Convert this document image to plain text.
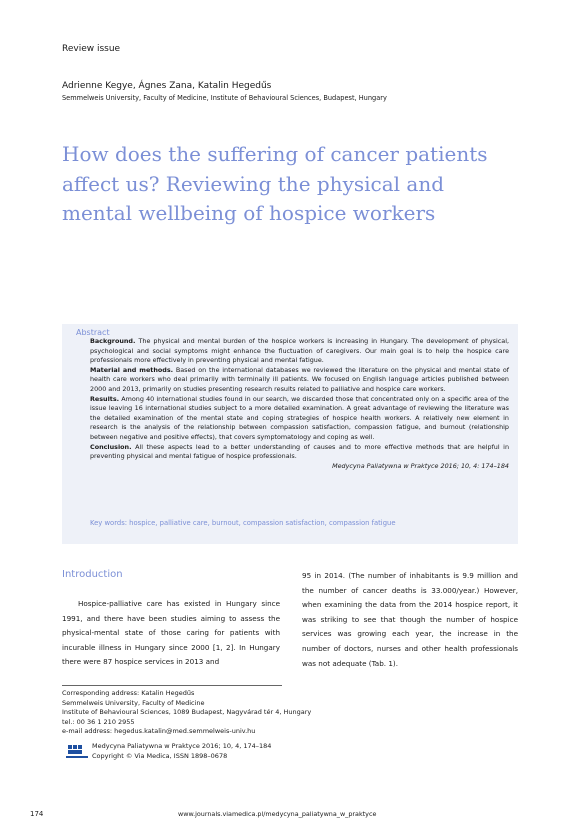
Review issue
Adrienne Kegye, Ágnes Zana, Katalin Hegedűs
Semmelweis University, Faculty of Medicine, Institute of Behavioural Sciences, Budapest, Hungary
How does the suffering of cancer patients affect us? Reviewing the physical and mental wellbeing of hospice workers
Abstract

Background. The physical and mental burden of the hospice workers is increasing in Hungary. The development of physical, psychological and social symptoms might enhance the fluctuation of caregivers. Our main goal is to help the hospice care professionals more effectively in preventing physical and mental fatigue.

Material and methods. Based on the international databases we reviewed the literature on the physical and mental state of health care workers who deal primarily with terminally ill patients. We focused on English language articles published between 2000 and 2013, primarily on studies presenting research results related to palliative and hospice care workers.

Results. Among 40 international studies found in our search, we discarded those that concentrated only on a specific area of the issue leaving 16 international studies subject to a more detailed examination. A great advantage of reviewing the literature was the detailed examination of the mental state and coping strategies of hospice health workers. A relatively new element in research is the analysis of the relationship between compassion satisfaction, compassion fatigue, and burnout (relationship between negative and positive effects), that covers symptomatology and coping as well.

Conclusion. All these aspects lead to a better understanding of causes and to more effective methods that are helpful in preventing physical and mental fatigue of hospice professionals.

Medycyna Paliatywna w Praktyce 2016; 10, 4: 174–184

Key words: hospice, palliative care, burnout, compassion satisfaction, compassion fatigue
Introduction

Hospice-palliative care has existed in Hungary since 1991, and there have been studies aiming to assess the physical-mental state of those caring for patients with incurable illness in Hungary since 2000 [1, 2]. In Hungary there were 87 hospice services in 2013 and

95 in 2014. (The number of inhabitants is 9.9 million and the number of cancer deaths is 33.000/year.) However, when examining the data from the 2014 hospice report, it was striking to see that though the number of hospice services was growing each year, the increase in the number of doctors, nurses and other health professionals was not adequate (Tab. 1).

Corresponding address: Katalin Hegedűs
Semmelweis University, Faculty of Medicine
Institute of Behavioural Sciences, 1089 Budapest, Nagyvárad tér 4, Hungary
tel.: 00 36 1 210 2955
e-mail address: hegedus.katalin@med.semmelweis-univ.hu
Medycyna Paliatywna w Praktyce 2016; 10, 4, 174–184
Copyright © Via Medica, ISSN 1898–0678
174	www.journals.viamedica.pl/medycyna_paliatywna_w_praktyce
